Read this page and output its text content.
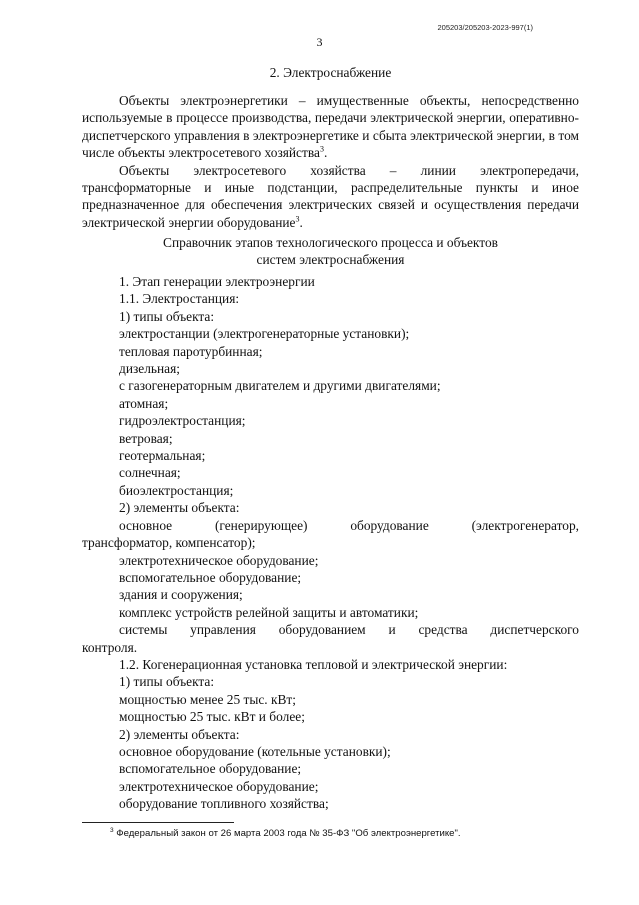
205203/205203-2023-997(1)
3
2. Электроснабжение

Объекты электроэнергетики – имущественные объекты, непосредственно используемые в процессе производства, передачи электрической энергии, оперативно-диспетчерского управления в электроэнергетике и сбыта электрической энергии, в том числе объекты электросетевого хозяйства$^3$.

Объекты электросетевого хозяйства – линии электропередачи, трансформаторные и иные подстанции, распределительные пункты и иное предназначенное для обеспечения электрических связей и осуществления передачи электрической энергии оборудование$^3$.

Справочник этапов технологического процесса и объектов
систем электроснабжения

1. Этап генерации электроэнергии

1.1. Электростанция:

1) типы объекта:

электростанции (электрогенераторные установки);

тепловая паротурбинная;

дизельная;

с газогенераторным двигателем и другими двигателями;

атомная;

гидроэлектростанция;

ветровая;

геотермальная;

солнечная;

биоэлектростанция;

2) элементы объекта:

основное (генерирующее) оборудование (электрогенератор,

трансформатор, компенсатор);

электротехническое оборудование;

вспомогательное оборудование;

здания и сооружения;

комплекс устройств релейной защиты и автоматики;

системы управления оборудованием и средства диспетчерского

контроля.

1.2. Когенерационная установка тепловой и электрической энергии:

1) типы объекта:

мощностью менее 25 тыс. кВт;

мощностью 25 тыс. кВт и более;

2) элементы объекта:

основное оборудование (котельные установки);

вспомогательное оборудование;

электротехническое оборудование;

оборудование топливного хозяйства;

$^3$ Федеральный закон от 26 марта 2003 года № 35-ФЗ "Об электроэнергетике".
